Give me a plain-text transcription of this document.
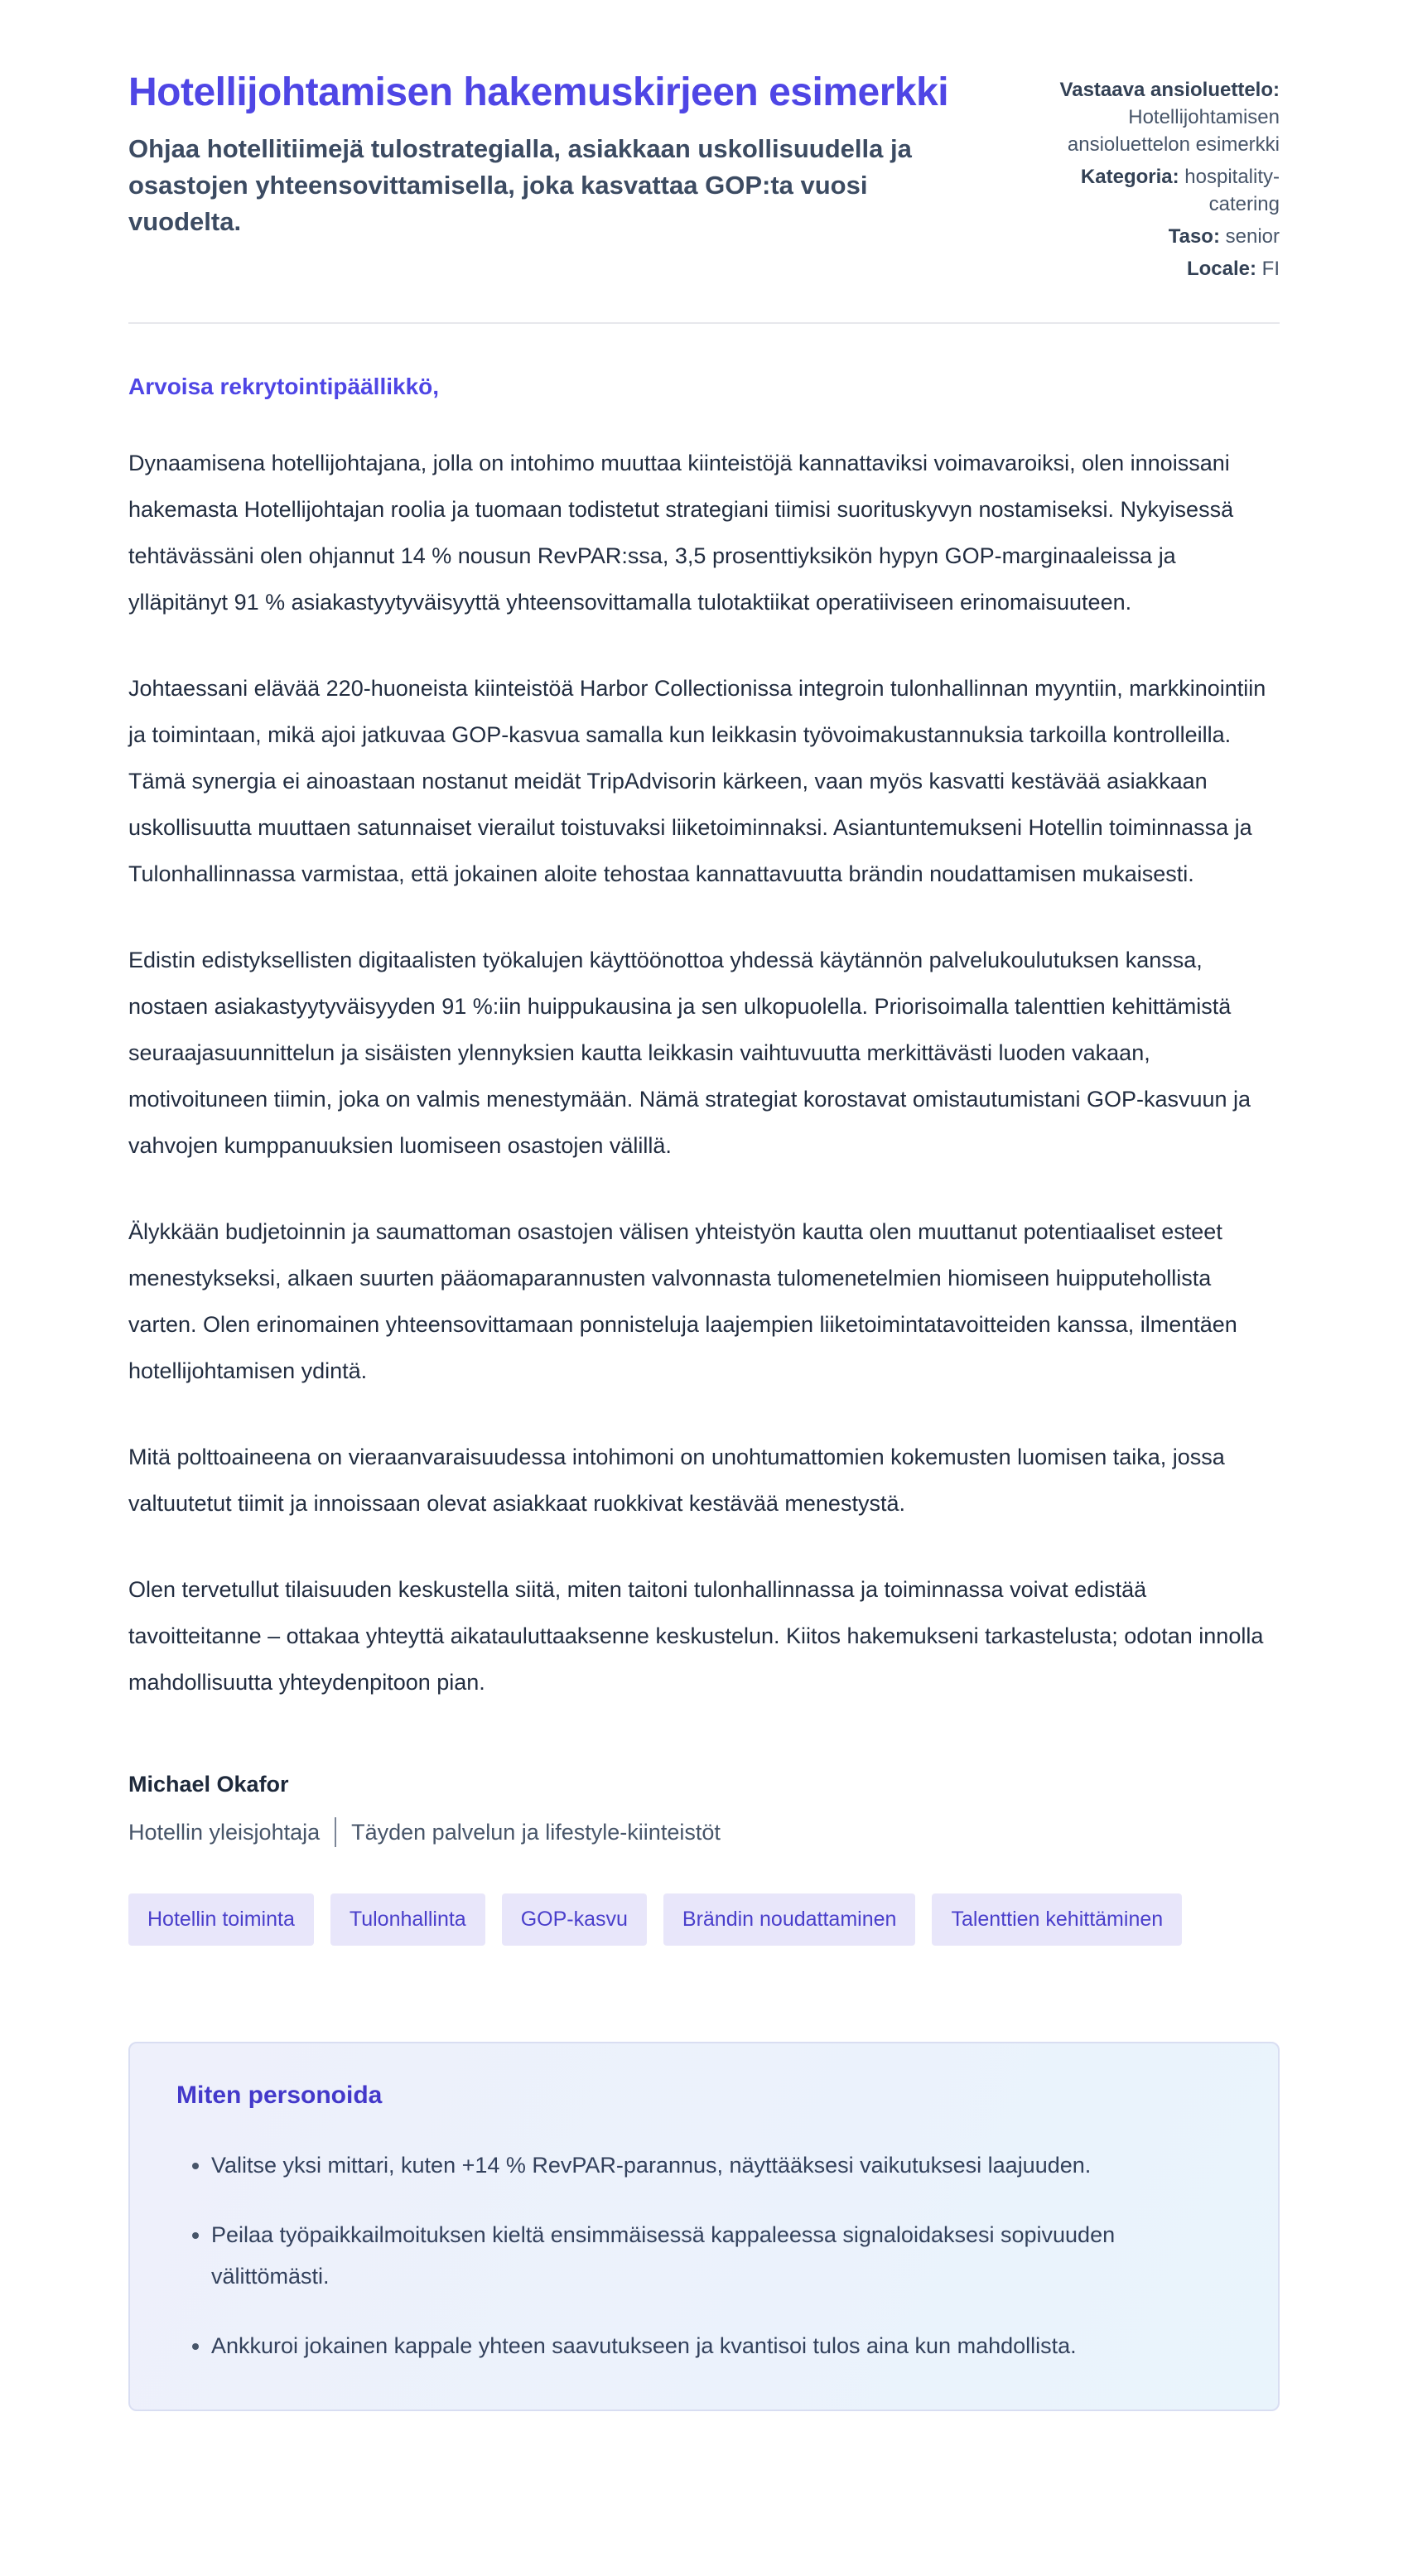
Hotellijohtamisen hakemuskirjeen esimerkki

Ohjaa hotellitiimejä tulostrategialla, asiakkaan uskollisuudella ja osastojen yhteensovittamisella, joka kasvattaa GOP:ta vuosi vuodelta.

Vastaava ansioluettelo: Hotellijohtamisen ansioluettelon esimerkki
Kategoria: hospitality-catering
Taso: senior
Locale: FI
Arvoisa rekrytointipäällikkö,

Dynaamisena hotellijohtajana, jolla on intohimo muuttaa kiinteistöjä kannattaviksi voimavaroiksi, olen innoissani hakemasta Hotellijohtajan roolia ja tuomaan todistetut strategiani tiimisi suorituskyvyn nostamiseksi. Nykyisessä tehtävässäni olen ohjannut 14 % nousun RevPAR:ssa, 3,5 prosenttiyksikön hypyn GOP-marginaaleissa ja ylläpitänyt 91 % asiakastyytyväisyyttä yhteensovittamalla tulotaktiikat operatiiviseen erinomaisuuteen.

Johtaessani elävää 220-huoneista kiinteistöä Harbor Collectionissa integroin tulonhallinnan myyntiin, markkinointiin ja toimintaan, mikä ajoi jatkuvaa GOP-kasvua samalla kun leikkasin työvoimakustannuksia tarkoilla kontrolleilla. Tämä synergia ei ainoastaan nostanut meidät TripAdvisorin kärkeen, vaan myös kasvatti kestävää asiakkaan uskollisuutta muuttaen satunnaiset vierailut toistuvaksi liiketoiminnaksi. Asiantuntemukseni Hotellin toiminnassa ja Tulonhallinnassa varmistaa, että jokainen aloite tehostaa kannattavuutta brändin noudattamisen mukaisesti.

Edistin edistyksellisten digitaalisten työkalujen käyttöönottoa yhdessä käytännön palvelukoulutuksen kanssa, nostaen asiakastyytyväisyyden 91 %:iin huippukausina ja sen ulkopuolella. Priorisoimalla talenttien kehittämistä seuraajasuunnittelun ja sisäisten ylennyksien kautta leikkasin vaihtuvuutta merkittävästi luoden vakaan, motivoituneen tiimin, joka on valmis menestymään. Nämä strategiat korostavat omistautumistani GOP-kasvuun ja vahvojen kumppanuuksien luomiseen osastojen välillä.

Älykkään budjetoinnin ja saumattoman osastojen välisen yhteistyön kautta olen muuttanut potentiaaliset esteet menestykseksi, alkaen suurten pääomaparannusten valvonnasta tulomenetelmien hiomiseen huipputehollista varten. Olen erinomainen yhteensovittamaan ponnisteluja laajempien liiketoimintatavoitteiden kanssa, ilmentäen hotellijohtamisen ydintä.

Mitä polttoaineena on vieraanvaraisuudessa intohimoni on unohtumattomien kokemusten luomisen taika, jossa valtuutetut tiimit ja innoissaan olevat asiakkaat ruokkivat kestävää menestystä.

Olen tervetullut tilaisuuden keskustella siitä, miten taitoni tulonhallinnassa ja toiminnassa voivat edistää tavoitteitanne – ottakaa yhteyttä aikatauluttaaksenne keskustelun. Kiitos hakemukseni tarkastelusta; odotan innolla mahdollisuutta yhteydenpitoon pian.

Michael Okafor
Hotellin yleisjohtaja Täyden palvelun ja lifestyle-kiinteistöt
Hotellin toiminta	Tulonhallinta	GOP-kasvu	Brändin noudattaminen	Talenttien kehittäminen
Miten personoida
• Valitse yksi mittari, kuten +14 % RevPAR-parannus, näyttääksesi vaikutuksesi laajuuden.
• Peilaa työpaikkailmoituksen kieltä ensimmäisessä kappaleessa signaloidaksesi sopivuuden välittömästi.
• Ankkuroi jokainen kappale yhteen saavutukseen ja kvantisoi tulos aina kun mahdollista.
